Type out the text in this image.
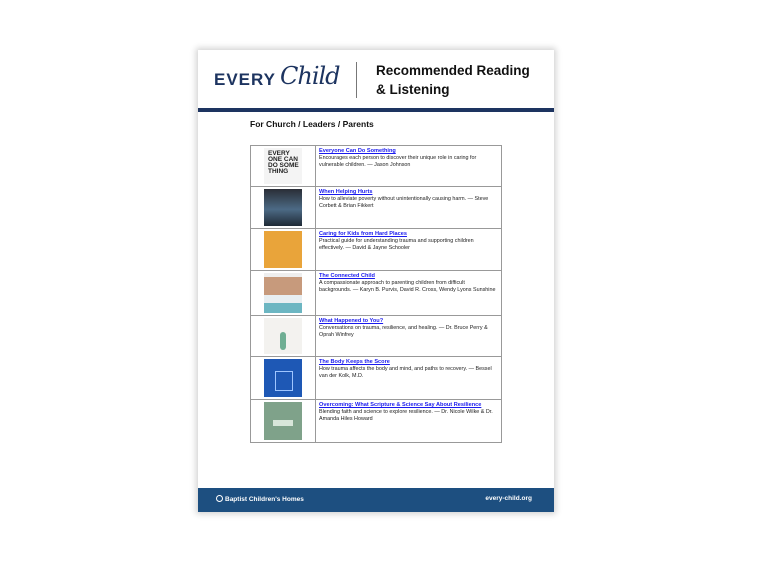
EVERY Child	Recommended Reading
& Listening
For Church / Leaders / Parents
EVERY ONE CAN DO SOME THING
Everyone Can Do Something
Encourages each person to discover their unique role in caring for vulnerable children. — Jason Johnson
When Helping Hurts
How to alleviate poverty without unintentionally causing harm. — Steve Corbett & Brian Fikkert
Caring for Kids from Hard Places
Practical guide for understanding trauma and supporting children effectively. — David & Jayne Schooler
The Connected Child
A compassionate approach to parenting children from difficult backgrounds. — Karyn B. Purvis, David R. Cross, Wendy Lyons Sunshine
What Happened to You?
Conversations on trauma, resilience, and healing. — Dr. Bruce Perry & Oprah Winfrey
The Body Keeps the Score
How trauma affects the body and mind, and paths to recovery. — Bessel van der Kolk, M.D.
Overcoming: What Scripture & Science Say About Resilience
Blending faith and science to explore resilience. — Dr. Nicole Wilke & Dr. Amanda Hiles Howard
Baptist Children's Homes	every-child.org
